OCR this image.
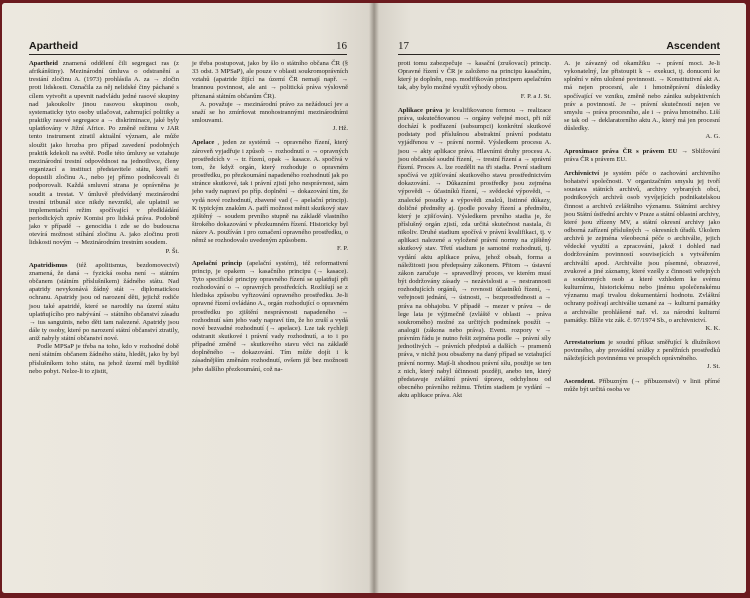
Apartheid	16

Apartheid znamená oddělení čili segregaci ras (z afrikánštiny). Mezinárodní úmluva o odstranění a trestání zločinu A. (1973) prohlásila A. za → zločin proti lidskosti. Označila za něj nelidské činy páchané s cílem vytvořit a upevnit nadvládu jedné rasové skupiny nad jakoukoliv jinou rasovou skupinou osob, systematicky tyto osoby utlačovat, zahrnující politiky a praktiky rasové segregace a → diskriminace, jaké byly uplatňovány v Jižní Africe. Po změně režimu v JAR tento instrument ztratil aktuální význam, ale může sloužit jako hrozba pro případ zavedení podobných praktik kdekoli na světě. Podle této úmluvy se vztahuje mezinárodní trestní odpovědnost na jednotlivce, členy organizací a instituci představitele státu, kteří se dopustili zločinu A., nebo jej přímo podněcovali či podporovali. Každá smluvní strana je oprávněna je soudit a trestat. V úmluvě předvídaný mezinárodní trestní tribunál sice nikdy nevznikl, ale uplatnil se implementační režim spočívající v předkládání periodických zpráv Komisi pro lidská práva. Podobně jako v případě → genocidia i zde se do budoucna otevírá možnost stíhání zločinu A. jako zločinu proti lidskosti novým → Mezinárodním trestním soudem.

P. Št.

Apatridismus (též apolitismus, bezdomovectví) znamená, že daná → fyzická osoba není → státním občanem (státním příslušníkem) žádného státu. Nad apatridy nevykonává žádný stát → diplomatickou ochranu. Apatridy jsou od narození děti, jejichž rodiče jsou také apatridé, které se narodily na území státu uplatňujícího pro nabývání → státního občanství zásadu → ius sanguinis, nebo děti tam nalezené. Apatridy jsou dále ty osoby, které po narození státní občanství ztratily, aniž nabyly státní občanství nové.

Podle MPSaP je třeba na toho, kdo v rozhodné době není státním občanem žádného státu, hledět, jako by byl příslušníkem toho státu, na jehož území měl bydliště nebo pobyt. Nelze-li to zjistit,

je třeba postupovat, jako by šlo o státního občana ČR (§ 33 odst. 3 MPSaP), ale pouze v oblasti soukromoprávních vztahů (apatride žijící na území ČR nemají např. → brannou povinnost, ale ani → politická práva výslovně přiznaná státním občanům ČR).

A. považuje → mezinárodní právo za nežádoucí jev a snaží se ho zmírňovat mnohostrannými mezinárodními smlouvami.

J. Hž.

Apelace , jeden ze systémů → opravného řízení, který zároveň vyjadřuje i způsob → rozhodnutí o → opravných prostředcích v → tr. řízení, opak → kasace. A. spočívá v tom, že když orgán, který rozhoduje o opravném prostředku, po přezkoumání napadeného rozhodnutí jak po stránce skutkové, tak i právní zjistí jeho nesprávnost, sám jeho vady napraví po příp. doplnění → dokazování tím, že vydá nové rozhodnutí, zbavené vad (→ apelační princip). K typickým znakům A. patří možnost měnit skutkový stav zjištěný → soudem prvního stupně na základě vlastního širokého dokazování v přezkumném řízení. Historicky byl název A. používán i pro označení opravného prostředku, o němž se rozhodovalo uvedeným způsobem.

F. P.

Apelační princip (apelační systém), též reformativní princip, je opakem → kasačního principu (→ kasace). Tyto specifické principy opravného řízení se uplatňují při rozhodování o → opravných prostředcích. Rozlišují se z hlediska způsobu vyřizování opravného prostředku. Je-li opravné řízení ovládáno A., orgán rozhodující o opravném prostředku po zjištění nesprávnosti napadeného → rozhodnutí sám jeho vady napraví tím, že ho zruší a vydá nové bezvadné rozhodnutí (→ apelace). Lze tak rychleji odstranit skutkové i právní vady rozhodnutí, a to i po případné změně → skutkového stavu věci na základě doplněného → dokazování. Tím může dojít i k zásadnějším změnám rozhodnutí, ovšem již bez možnosti jeho dalšího přezkoumání, což na-

17	Ascendent

proti tomu zabezpečuje → kasační (zrušovací) princip. Opravné řízení v ČR je založeno na principu kasačním, který je doplněn, resp. modifikován principem apelačním tak, aby bylo možné využít výhody obou.

F. P. a J. St.

Aplikace práva je kvalifikovanou formou → realizace práva, uskutečňovanou → orgány veřejné moci, při níž dochází k podřazení (subsumpci) konkrétní skutkové podstaty pod příslušnou abstraktní právní podstatu vyjádřenou v → právní normě. Výsledkem procesu A. jsou → akty aplikace práva. Hlavními druhy procesu A. jsou občanské soudní řízení, → trestní řízení a → správní řízení. Proces A. lze rozdělit na tři stadia. První stadium spočívá ve zjišťování skutkového stavu prostřednictvím dokazování. → Důkazními prostředky jsou zejména výpovědi → účastníků řízení, → svědecké výpovědi, → znalecké posudky a výpovědi znalců, listinné důkazy, doličné předměty aj. (podle povahy řízení a předmětu, který je zjišťován). Výsledkem prvního stadia je, že příslušný orgán zjistí, zda určitá skutečnost nastala, či nikoliv. Druhé stadium spočívá v právní kvalifikaci, tj. v aplikaci nalezené a vyložené právní normy na zjištěný skutkový stav. Třetí stadium je samotné rozhodnutí, tj. vydání aktu aplikace práva, jehož obsah, forma a náležitosti jsou předepsány zákonem. Přitom → ústavní zákon zaručuje → spravedlivý proces, ve kterém musí být dodržovány zásady → nezávislosti a → nestrannosti rozhodujících orgánů, → rovnosti účastníků řízení, → veřejnosti jednání, → ústnosti, → bezprostřednosti a → práva na obhajobu. V případě → mezer v právu → de lege lata je výjimečně (zvláště v oblasti → práva soukromého) možné za určitých podmínek použít → analogii (zákona nebo práva). Event. rozpory v → právním řádu je nutno řešit zejména podle → právní síly jednotlivých → právních předpisů a dalších → pramenů práva, v nichž jsou obsaženy na daný případ se vztahující právní normy. Mají-li shodnou právní sílu, použije se ten z nich, který nabyl účinnosti později, anebo ten, který představuje zvláštní právní úpravu, odchylnou od obecného právního režimu. Třetím stadiem je vydání → aktu aplikace práva. Akt

A. je závazný od okamžiku → právní moci. Je-li vykonatelný, lze přistoupit k → exekuci, tj. donucení ke splnění v něm uložené povinnosti. → Konstitutivní akt A. má nejen procesní, ale i hmotněprávní důsledky spočívající ve vzniku, změně nebo zániku subjektivních práv a povinností. Je → právní skutečností nejen ve smyslu → práva procesního, ale i → práva hmotného. Liší se tak od → deklaratorního aktu A., který má jen procesní důsledky.

A. G.

Aproximace práva ČR s právem EU → Sbližování práva ČR s právem EU.

Archivnictví je systém péče o zachování archivního bohatství společnosti. V organizačním smyslu jej tvoří soustava státních archivů, archivy vybraných obcí, podnikových archivů osob vyvíjejících podnikatelskou činnost a archivů zvláštního významu. Státními archivy jsou Státní ústřední archiv v Praze a státní oblastní archivy, které jsou zřízeny MV, a státní okresní archivy jako odborná zařízení příslušných → okresních úřadů. Úkolem archivů je zejména všeobecná péče o archiválie, jejich vědecké využití a zpracování, jakož i dohled nad dodržováním povinností souvisejících s vytvářením archiválií apod. Archiválie jsou písemné, obrazové, zvukové a jiné záznamy, které vzešly z činnosti veřejných a soukromých osob a které vzhledem ke svému kulturnímu, historickému nebo jinému společenskému významu mají trvalou dokumentární hodnotu. Zvláštní ochrany požívají archiválie uznané za → kulturní památky a archiválie prohlášené nař. vl. za národní kulturní památky. Blíže viz zák. č. 97/1974 Sb., o archivnictví.

K. K.

Arrestatorium je soudní příkaz směřující k dlužníkovi povinného, aby provádění srážky z peněžních prostředků náležejících povinnému ve prospěch oprávněného.

J. St.

Ascendent. Příbuzným (→ příbuzenství) v linii přímé může být určitá osoba ve
